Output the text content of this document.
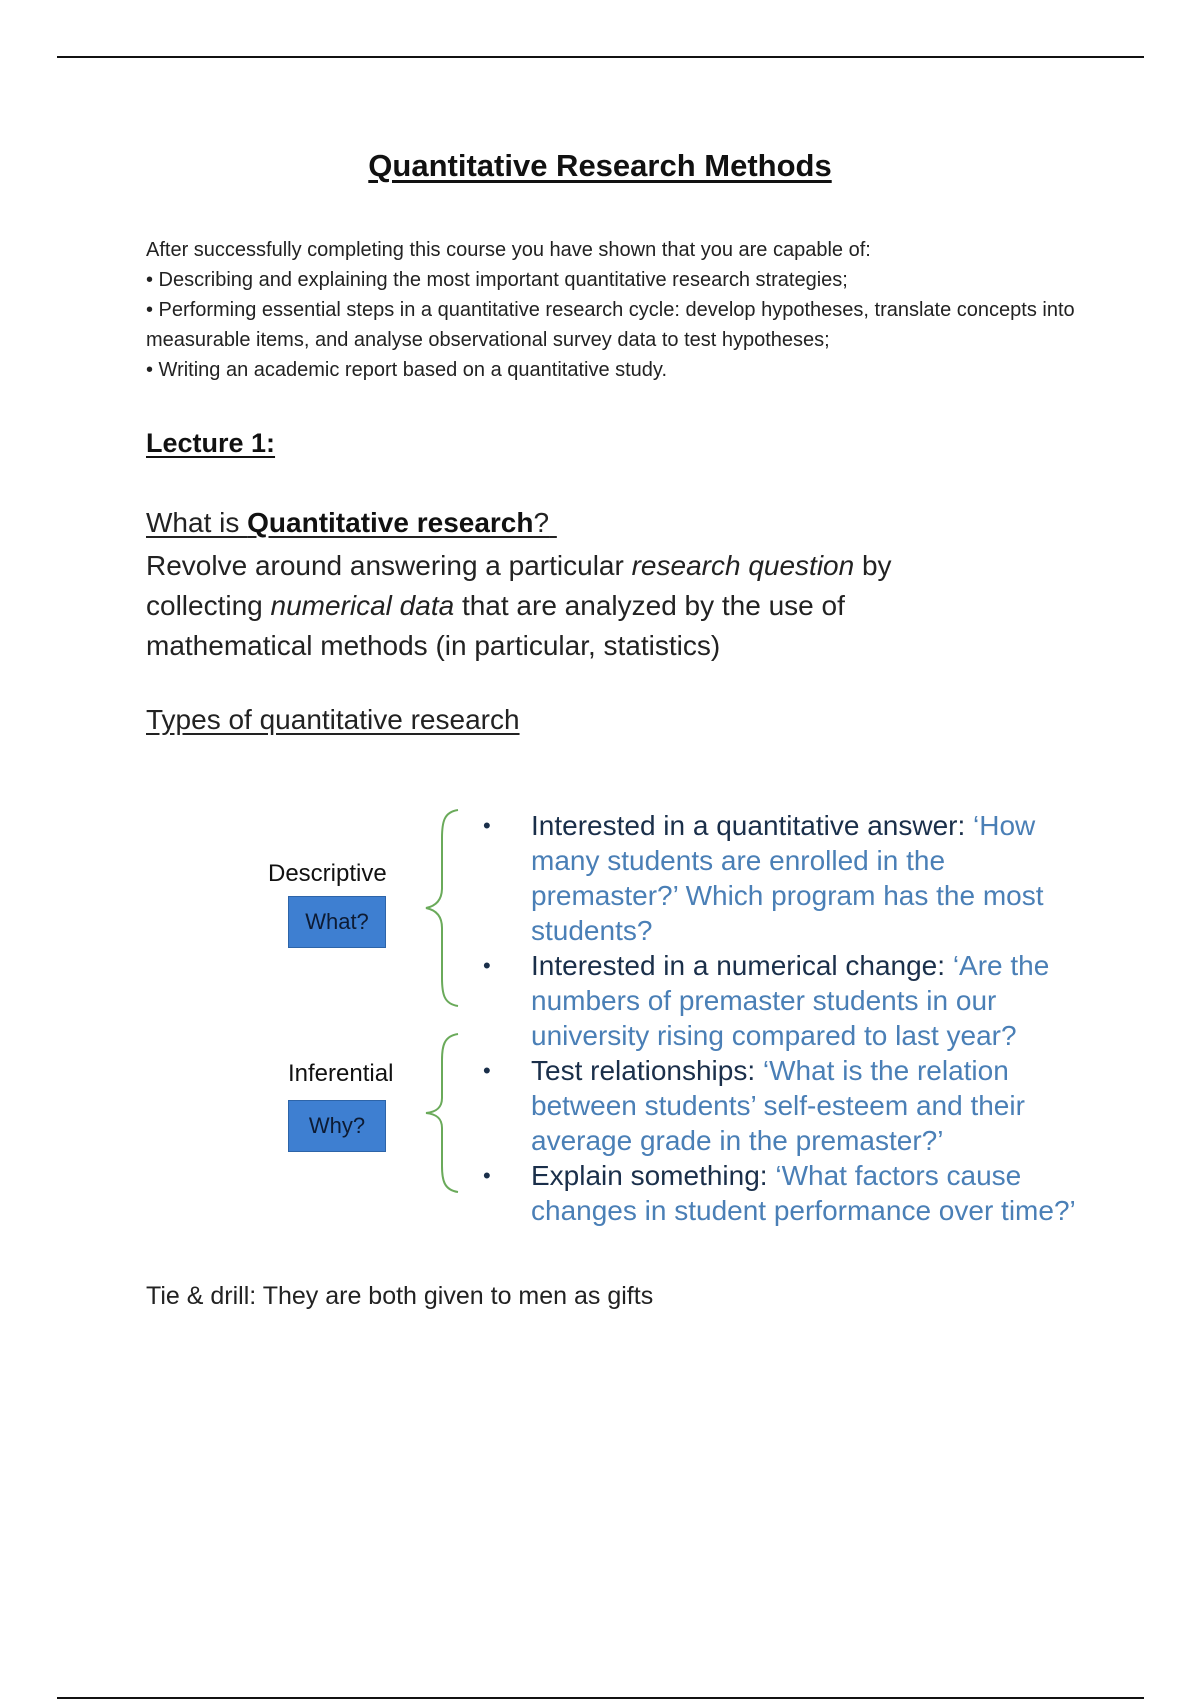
Quantitative Research Methods
After successfully completing this course you have shown that you are capable of:
• Describing and explaining the most important quantitative research strategies;
• Performing essential steps in a quantitative research cycle: develop hypotheses, translate concepts into measurable items, and analyse observational survey data to test hypotheses;
• Writing an academic report based on a quantitative study.
Lecture 1:
What is Quantitative research?
Revolve around answering a particular research question by collecting numerical data that are analyzed by the use of mathematical methods (in particular, statistics)
Types of quantitative research
Descriptive
What?
Inferential
Why?
• Interested in a quantitative answer: ‘How many students are enrolled in the premaster?’ Which program has the most students?
• Interested in a numerical change: ‘Are the numbers of premaster students in our university rising compared to last year?
• Test relationships: ‘What is the relation between students’ self-esteem and their average grade in the premaster?’
• Explain something: ‘What factors cause changes in student performance over time?’
Tie & drill: They are both given to men as gifts
